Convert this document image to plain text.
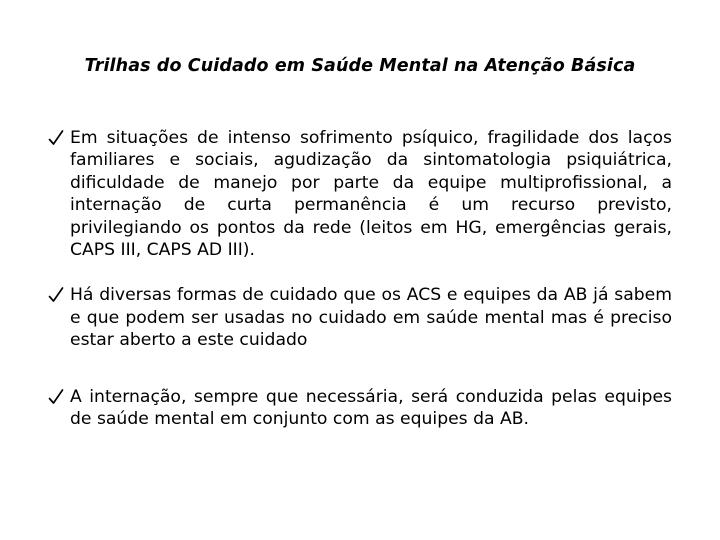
Trilhas do Cuidado em Saúde Mental na Atenção Básica
Em situações de intenso sofrimento psíquico, fragilidade dos laços familiares e sociais, agudização da sintomatologia psiquiátrica, dificuldade de manejo por parte da equipe multiprofissional, a internação de curta permanência é um recurso previsto, privilegiando os pontos da rede (leitos em HG, emergências gerais, CAPS III, CAPS AD III).
Há diversas formas de cuidado que os ACS e equipes da AB já sabem e que podem ser usadas no cuidado em saúde mental mas é preciso estar aberto a este cuidado
A internação, sempre que necessária, será conduzida pelas equipes de saúde mental em conjunto com as equipes da AB.
